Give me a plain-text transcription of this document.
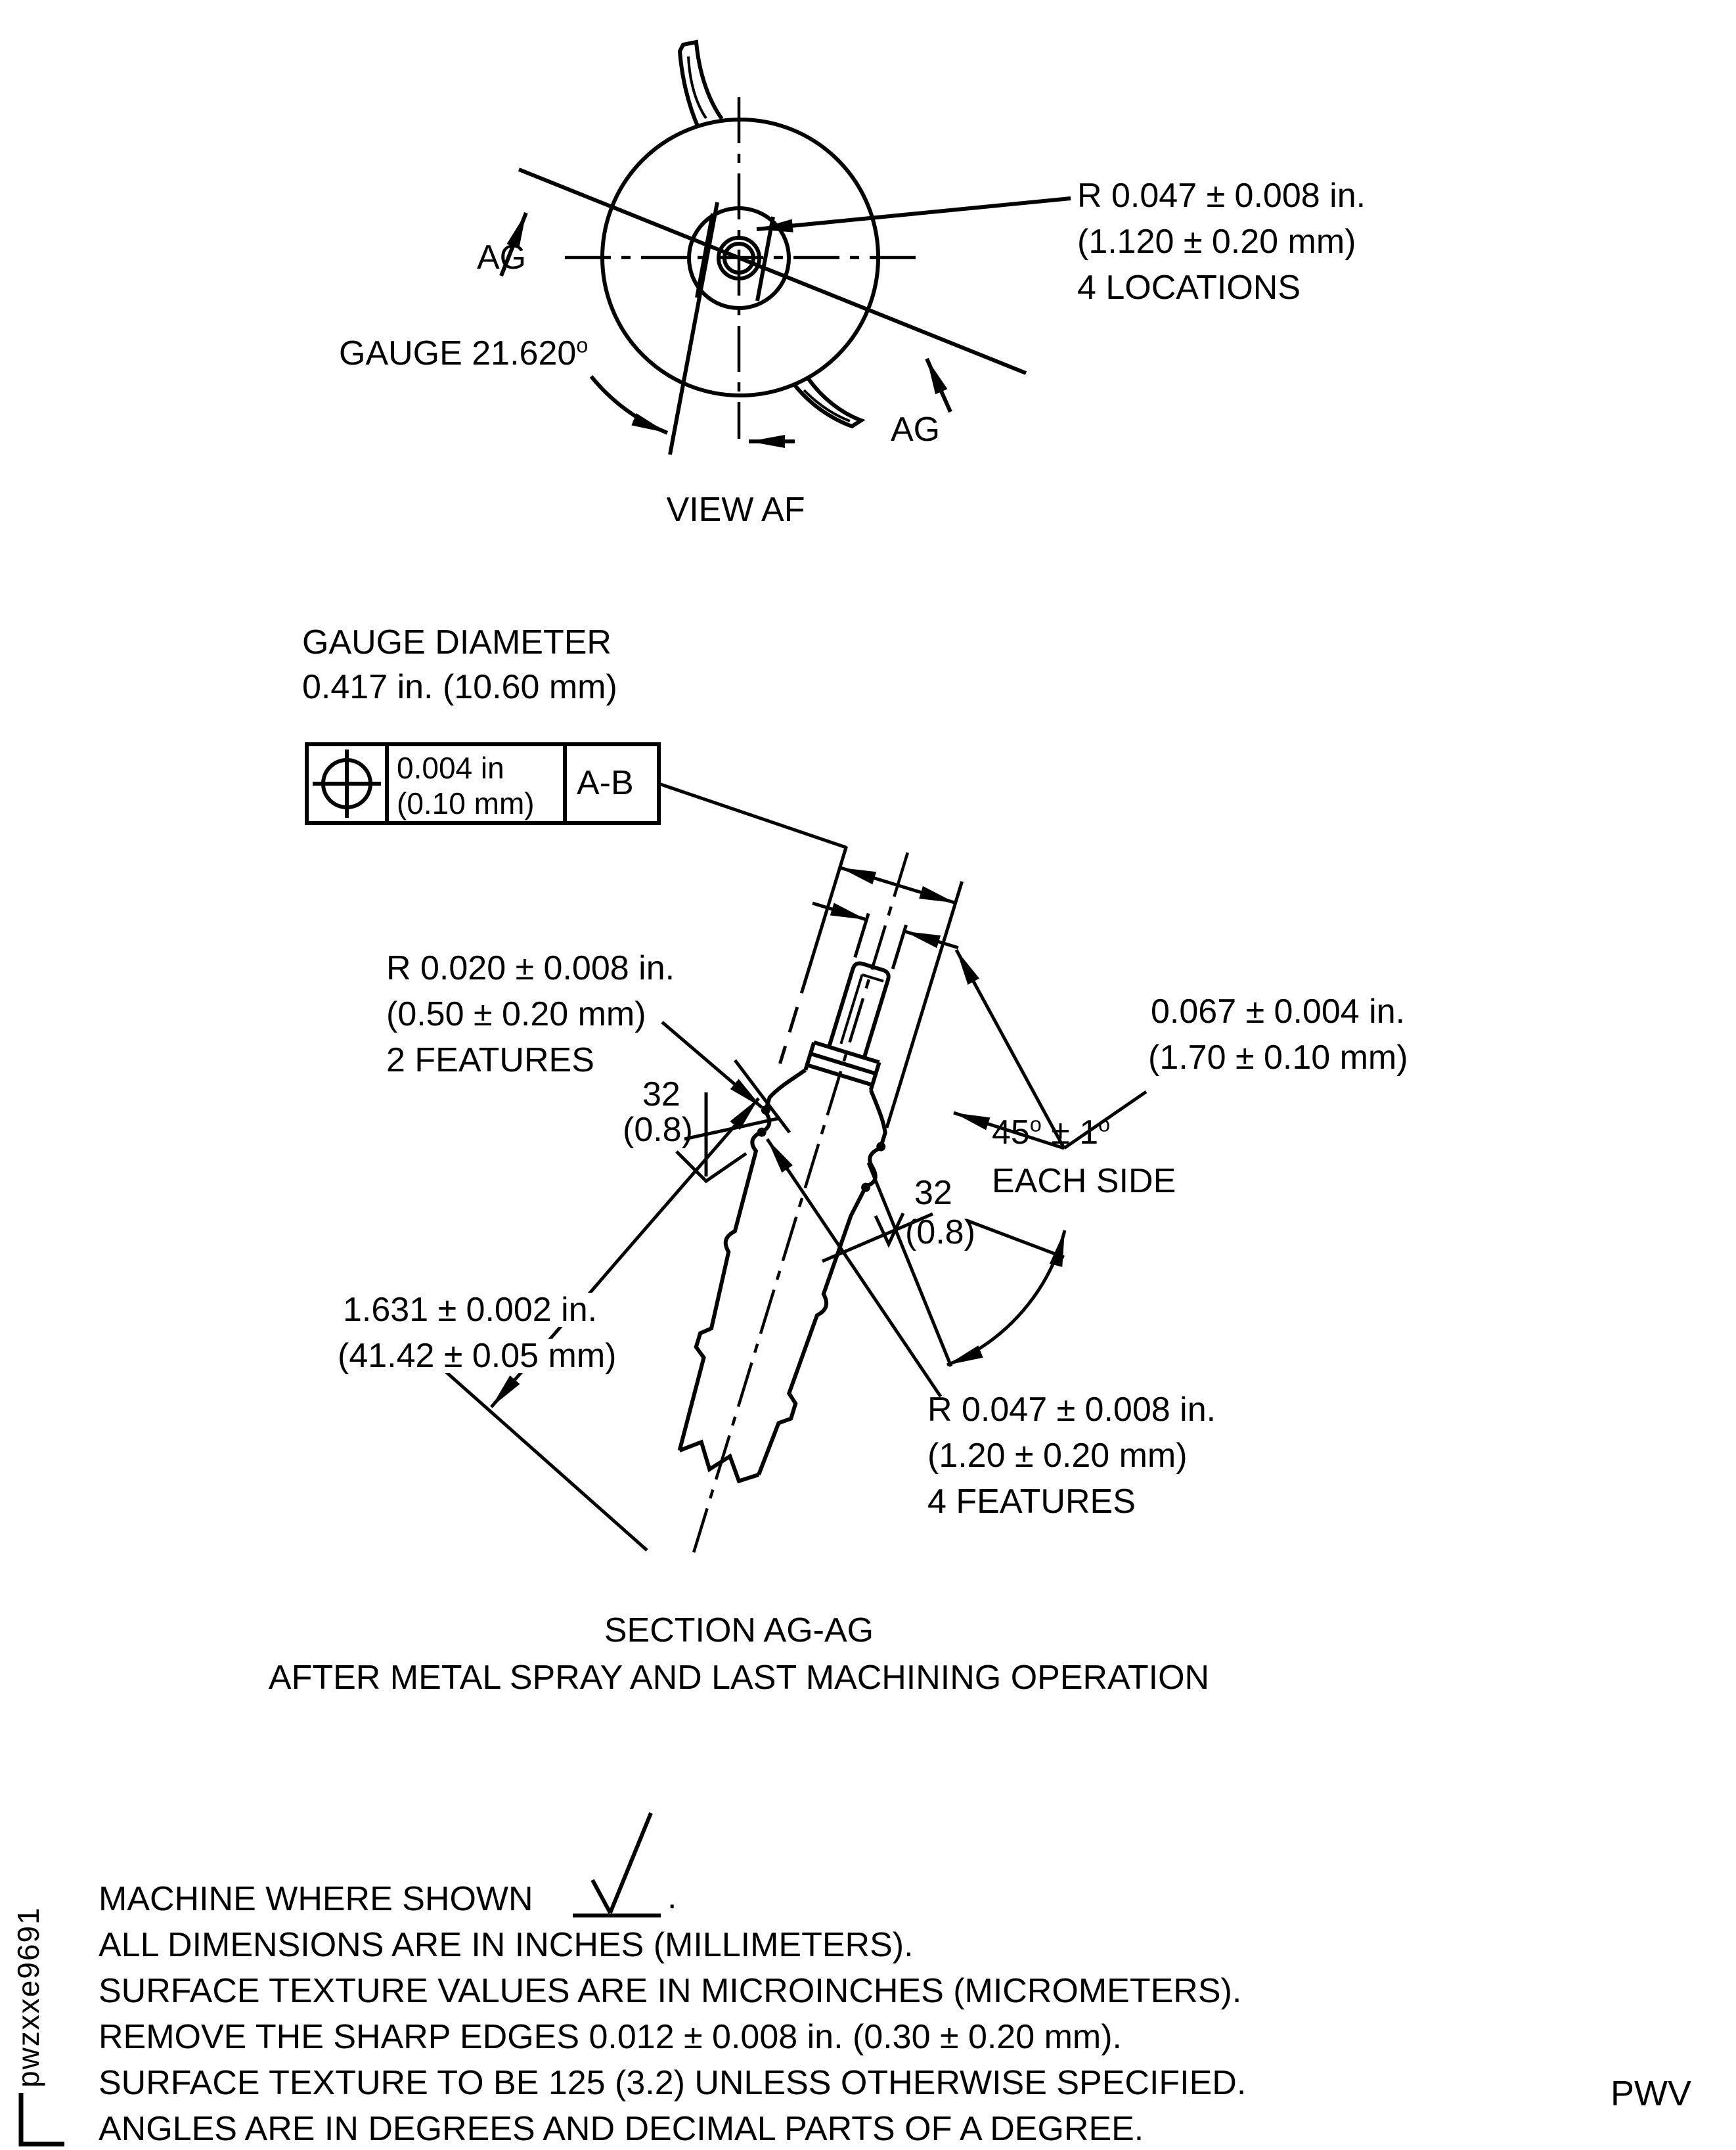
R 0.047 ± 0.008 in.
(1.120 ± 0.20 mm)
4 LOCATIONS
AG
AG
GAUGE 21.620$^o$
VIEW AF
GAUGE DIAMETER
0.417 in. (10.60 mm)
0.004 in
(0.10 mm)
A-B
R 0.020 ± 0.008 in.
(0.50 ± 0.20 mm)
2 FEATURES
0.067 ± 0.004 in.
(1.70 ± 0.10 mm)
1.631 ± 0.002 in.
(41.42 ± 0.05 mm)
32
(0.8)
32
(0.8)
$45^o \pm 1^o$
EACH SIDE
R 0.047 ± 0.008 in.
(1.20 ± 0.20 mm)
4 FEATURES
SECTION AG-AG
AFTER METAL SPRAY AND LAST MACHINING OPERATION
MACHINE WHERE SHOWN	.
ALL DIMENSIONS ARE IN INCHES (MILLIMETERS).
SURFACE TEXTURE VALUES ARE IN MICROINCHES (MICROMETERS).
REMOVE THE SHARP EDGES 0.012 ± 0.008 in. (0.30 ± 0.20 mm).
SURFACE TEXTURE TO BE 125 (3.2) UNLESS OTHERWISE SPECIFIED.
ANGLES ARE IN DEGREES AND DECIMAL PARTS OF A DEGREE.
pwzxxe9691
PWV
